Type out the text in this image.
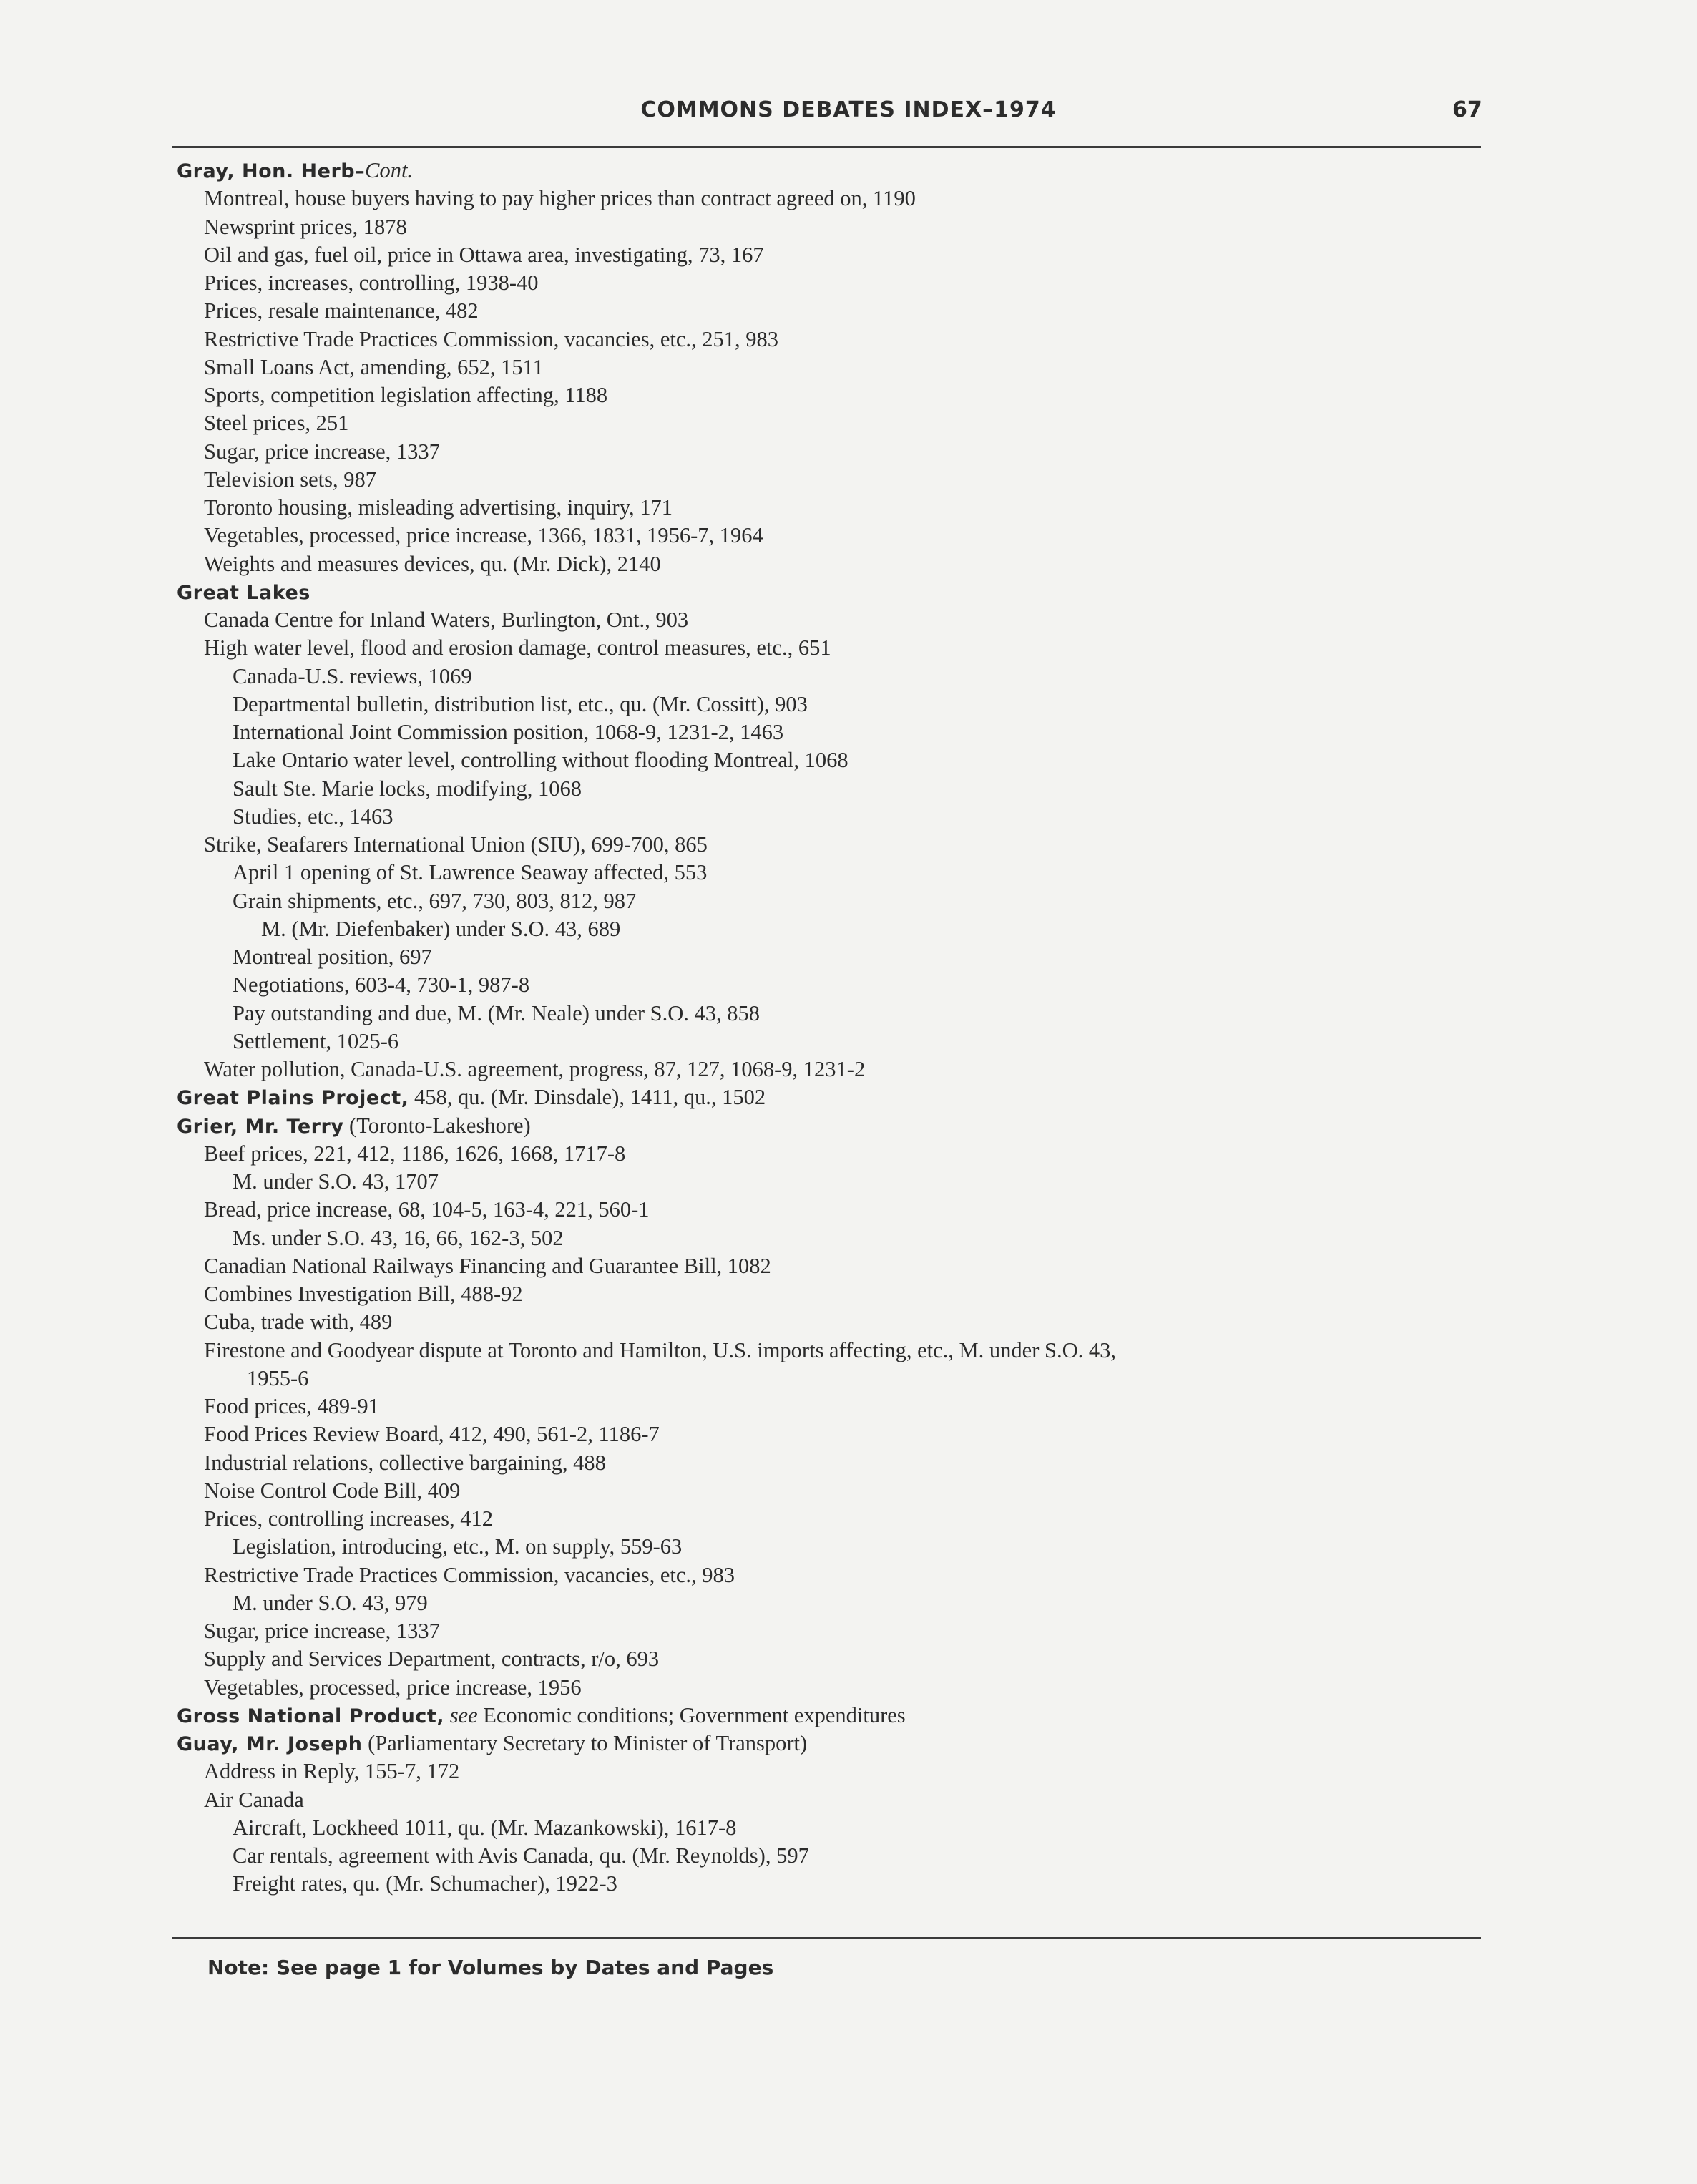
COMMONS DEBATES INDEX–1974	67
Gray, Hon. Herb–Cont.
Montreal, house buyers having to pay higher prices than contract agreed on, 1190
Newsprint prices, 1878
Oil and gas, fuel oil, price in Ottawa area, investigating, 73, 167
Prices, increases, controlling, 1938-40
Prices, resale maintenance, 482
Restrictive Trade Practices Commission, vacancies, etc., 251, 983
Small Loans Act, amending, 652, 1511
Sports, competition legislation affecting, 1188
Steel prices, 251
Sugar, price increase, 1337
Television sets, 987
Toronto housing, misleading advertising, inquiry, 171
Vegetables, processed, price increase, 1366, 1831, 1956-7, 1964
Weights and measures devices, qu. (Mr. Dick), 2140
Great Lakes
Canada Centre for Inland Waters, Burlington, Ont., 903
High water level, flood and erosion damage, control measures, etc., 651
Canada-U.S. reviews, 1069
Departmental bulletin, distribution list, etc., qu. (Mr. Cossitt), 903
International Joint Commission position, 1068-9, 1231-2, 1463
Lake Ontario water level, controlling without flooding Montreal, 1068
Sault Ste. Marie locks, modifying, 1068
Studies, etc., 1463
Strike, Seafarers International Union (SIU), 699-700, 865
April 1 opening of St. Lawrence Seaway affected, 553
Grain shipments, etc., 697, 730, 803, 812, 987
M. (Mr. Diefenbaker) under S.O. 43, 689
Montreal position, 697
Negotiations, 603-4, 730-1, 987-8
Pay outstanding and due, M. (Mr. Neale) under S.O. 43, 858
Settlement, 1025-6
Water pollution, Canada-U.S. agreement, progress, 87, 127, 1068-9, 1231-2
Great Plains Project, 458, qu. (Mr. Dinsdale), 1411, qu., 1502
Grier, Mr. Terry (Toronto-Lakeshore)
Beef prices, 221, 412, 1186, 1626, 1668, 1717-8
M. under S.O. 43, 1707
Bread, price increase, 68, 104-5, 163-4, 221, 560-1
Ms. under S.O. 43, 16, 66, 162-3, 502
Canadian National Railways Financing and Guarantee Bill, 1082
Combines Investigation Bill, 488-92
Cuba, trade with, 489
Firestone and Goodyear dispute at Toronto and Hamilton, U.S. imports affecting, etc., M. under S.O. 43,
1955-6
Food prices, 489-91
Food Prices Review Board, 412, 490, 561-2, 1186-7
Industrial relations, collective bargaining, 488
Noise Control Code Bill, 409
Prices, controlling increases, 412
Legislation, introducing, etc., M. on supply, 559-63
Restrictive Trade Practices Commission, vacancies, etc., 983
M. under S.O. 43, 979
Sugar, price increase, 1337
Supply and Services Department, contracts, r/o, 693
Vegetables, processed, price increase, 1956
Gross National Product, see Economic conditions; Government expenditures
Guay, Mr. Joseph (Parliamentary Secretary to Minister of Transport)
Address in Reply, 155-7, 172
Air Canada
Aircraft, Lockheed 1011, qu. (Mr. Mazankowski), 1617-8
Car rentals, agreement with Avis Canada, qu. (Mr. Reynolds), 597
Freight rates, qu. (Mr. Schumacher), 1922-3
Note: See page 1 for Volumes by Dates and Pages
